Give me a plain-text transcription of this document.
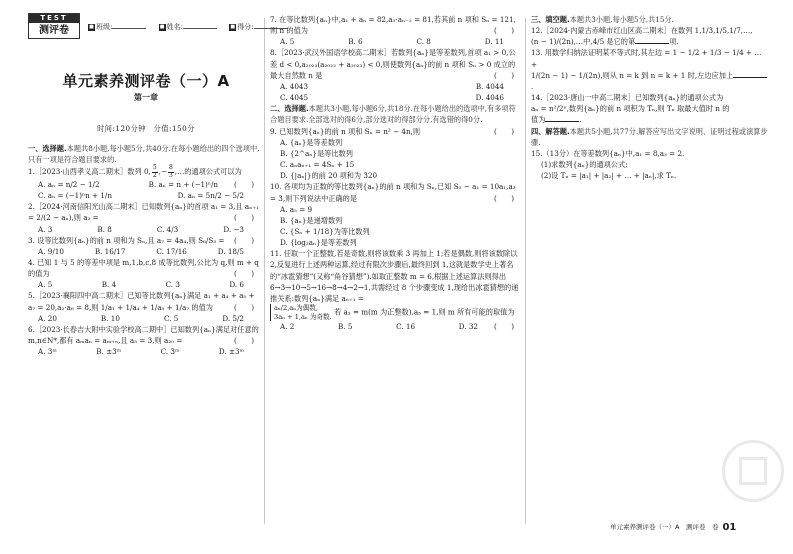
TEST
测评卷	■ 班级:	■ 姓名:	■ 得分:
单元素养测评卷（一）A
第一章
时间:120分钟　分值:150分
一、选择题.本题共8小题,每小题5分,共40分.在每小题给出的四个选项中,只有一项是符合题目要求的.
1.［2023·山西孝义高二期末］数列 0, $\frac{5}{2}$ ,− $\frac{8}{3}$ ,…的通项公式可以为
(　　)
A. aₙ = n/2 − 1/2	B. aₙ = n + (−1)ⁿ/n
C. aₙ = (−1)ⁿn + 1/n	D. aₙ = 5n/2 − 5/2
2.［2024·河南信阳光山高二期末］已知数列{aₙ}的首项 a₁ = 3,且 aₙ₊₁ = 2/(2 − aₙ),则 a₂ =	(　　)
A. 3	B. 8	C. 4/3	D. −3
3. 设等比数列{aₙ}的前 n 项和为 Sₙ,且 a₇ = 4a₄,则 S₆/S₃ = (　　)
A. 9/10	B. 16/17	C. 17/16	D. 18/5
4. 已知 1 与 5 的等差中项是 m,1,b,c,8 成等比数列,公比为 q,则 m + q 的值为	(　　)
A. 5	B. 4	C. 3	D. 6
5.［2023·襄阳四中高二期末］已知等比数列{aₙ}满足 a₁ + a₄ + a₅ + a₇ = 20,a₂·a₆ = 8,则 1/a₁ + 1/a₄ + 1/a₅ + 1/a₇ 的值为	(　　)
A. 20	B. 10	C. 5	D. 5/2
6.［2023·长春吉大附中实验学校高二期中］已知数列{aₙ}满足对任意的 m,n∈N*,都有 aₘaₙ = aₘ₊ₙ,且 a₅ = 3,则 a₂₀ =	(　　)
A. 3ᵐ	B. ±3ᵐ	C. 3ᵐ	D. ±3ᵐ
7. 在等比数列{aₙ}中,a₁ + aₙ = 82,a₃·aₙ₋₂ = 81,若其前 n 项和 Sₙ = 121,则 n 的值为	(　　)
A. 5	B. 6	C. 8	D. 11
8.［2023·武汉外国语学校高二期末］若数列{aₙ}是等差数列,首项 a₁ > 0,公差 d < 0,a₂₀₂₃(a₂₀₂₂ + a₂₀₂₃) < 0,则使数列{aₙ}的前 n 项和 Sₙ > 0 成立的最大自然数 n 是	(　　)
A. 4043	B. 4044
C. 4045	D. 4046
二、选择题.本题共3小题,每小题6分,共18分.在每小题给出的选项中,有多项符合题目要求.全部选对的得6分,部分选对的得部分分,有选错的得0分.
9. 已知数列{aₙ}的前 n 项和 Sₙ = n² − 4n,则	(　　)
A. {aₙ}是等差数列
B. {2^aₙ}是等比数列
C. aₙaₙ₊₁ = 4Sₙ + 15
D. {|aₙ|}的前 20 项和为 320
10. 各项均为正数的等比数列{aₙ}的前 n 项和为 Sₙ,已知 S₃ − a₁ = 10a₁,a₃ = 3,则下列说法中正确的是	(　　)
A. a₅ = 9
B. {aₙ}是递增数列
C. {Sₙ + 1/18}为等比数列
D. {log₃aₙ}是等差数列
11. 任取一个正整数,若是奇数,则将该数乘 3 再加上 1;若是偶数,则将该数除以 2,反复进行上述两种运算,经过有限次步骤后,最终回到 1,这就是数学史上著名的“冰雹猜想”(又称“角谷猜想”).如取正整数 m = 6,根据上述运算法则得出 6→3→10→5→16→8→4→2→1,共需经过 8 个步骤变成 1,现给出冰雹猜想的递推关系:数列{aₙ}满足 aₙ₊₁ =
aₙ/2,aₙ为偶数,
3aₙ + 1,aₙ 为奇数. 若 a₁ = m(m 为正整数),a₅ = 1,则 m 所有可能的取值为
(　　)
A. 2	B. 5	C. 16	D. 32
三、填空题.本题共3小题,每小题5分,共15分.
12.［2024·内蒙古赤峰市红山区高二期末］在数列 1,1/3,1/5,1/7,…,
(n − 1)/(2n),…中,4/5 是它的第	项.
13. 用数学归纳法证明某不等式时,其左边 = 1 − 1/2 + 1/3 − 1/4 + … +
1/(2n − 1) − 1/(2n),则从 n = k 到 n = k + 1 时,左边应加上.
14.［2023·唐山一中高二期末］已知数列{aₙ}的通项公式为
aₙ = n²/2ⁿ,数列{aₙ}的前 n 项积为 Tₙ,则 Tₙ 取最大值时 n 的
值为	.
四、解答题.本题共5小题,共77分.解答应写出文字说明、证明过程或演算步骤.
15.（13分）在等差数列{aₙ}中,a₁ = 8,a₃ = 2.
(1)求数列{aₙ}的通项公式;
(2)设 Tₙ = |a₁| + |a₂| + … + |aₙ|,求 Tₙ.
单元素养测评卷（一）A　测评卷　卷 01
